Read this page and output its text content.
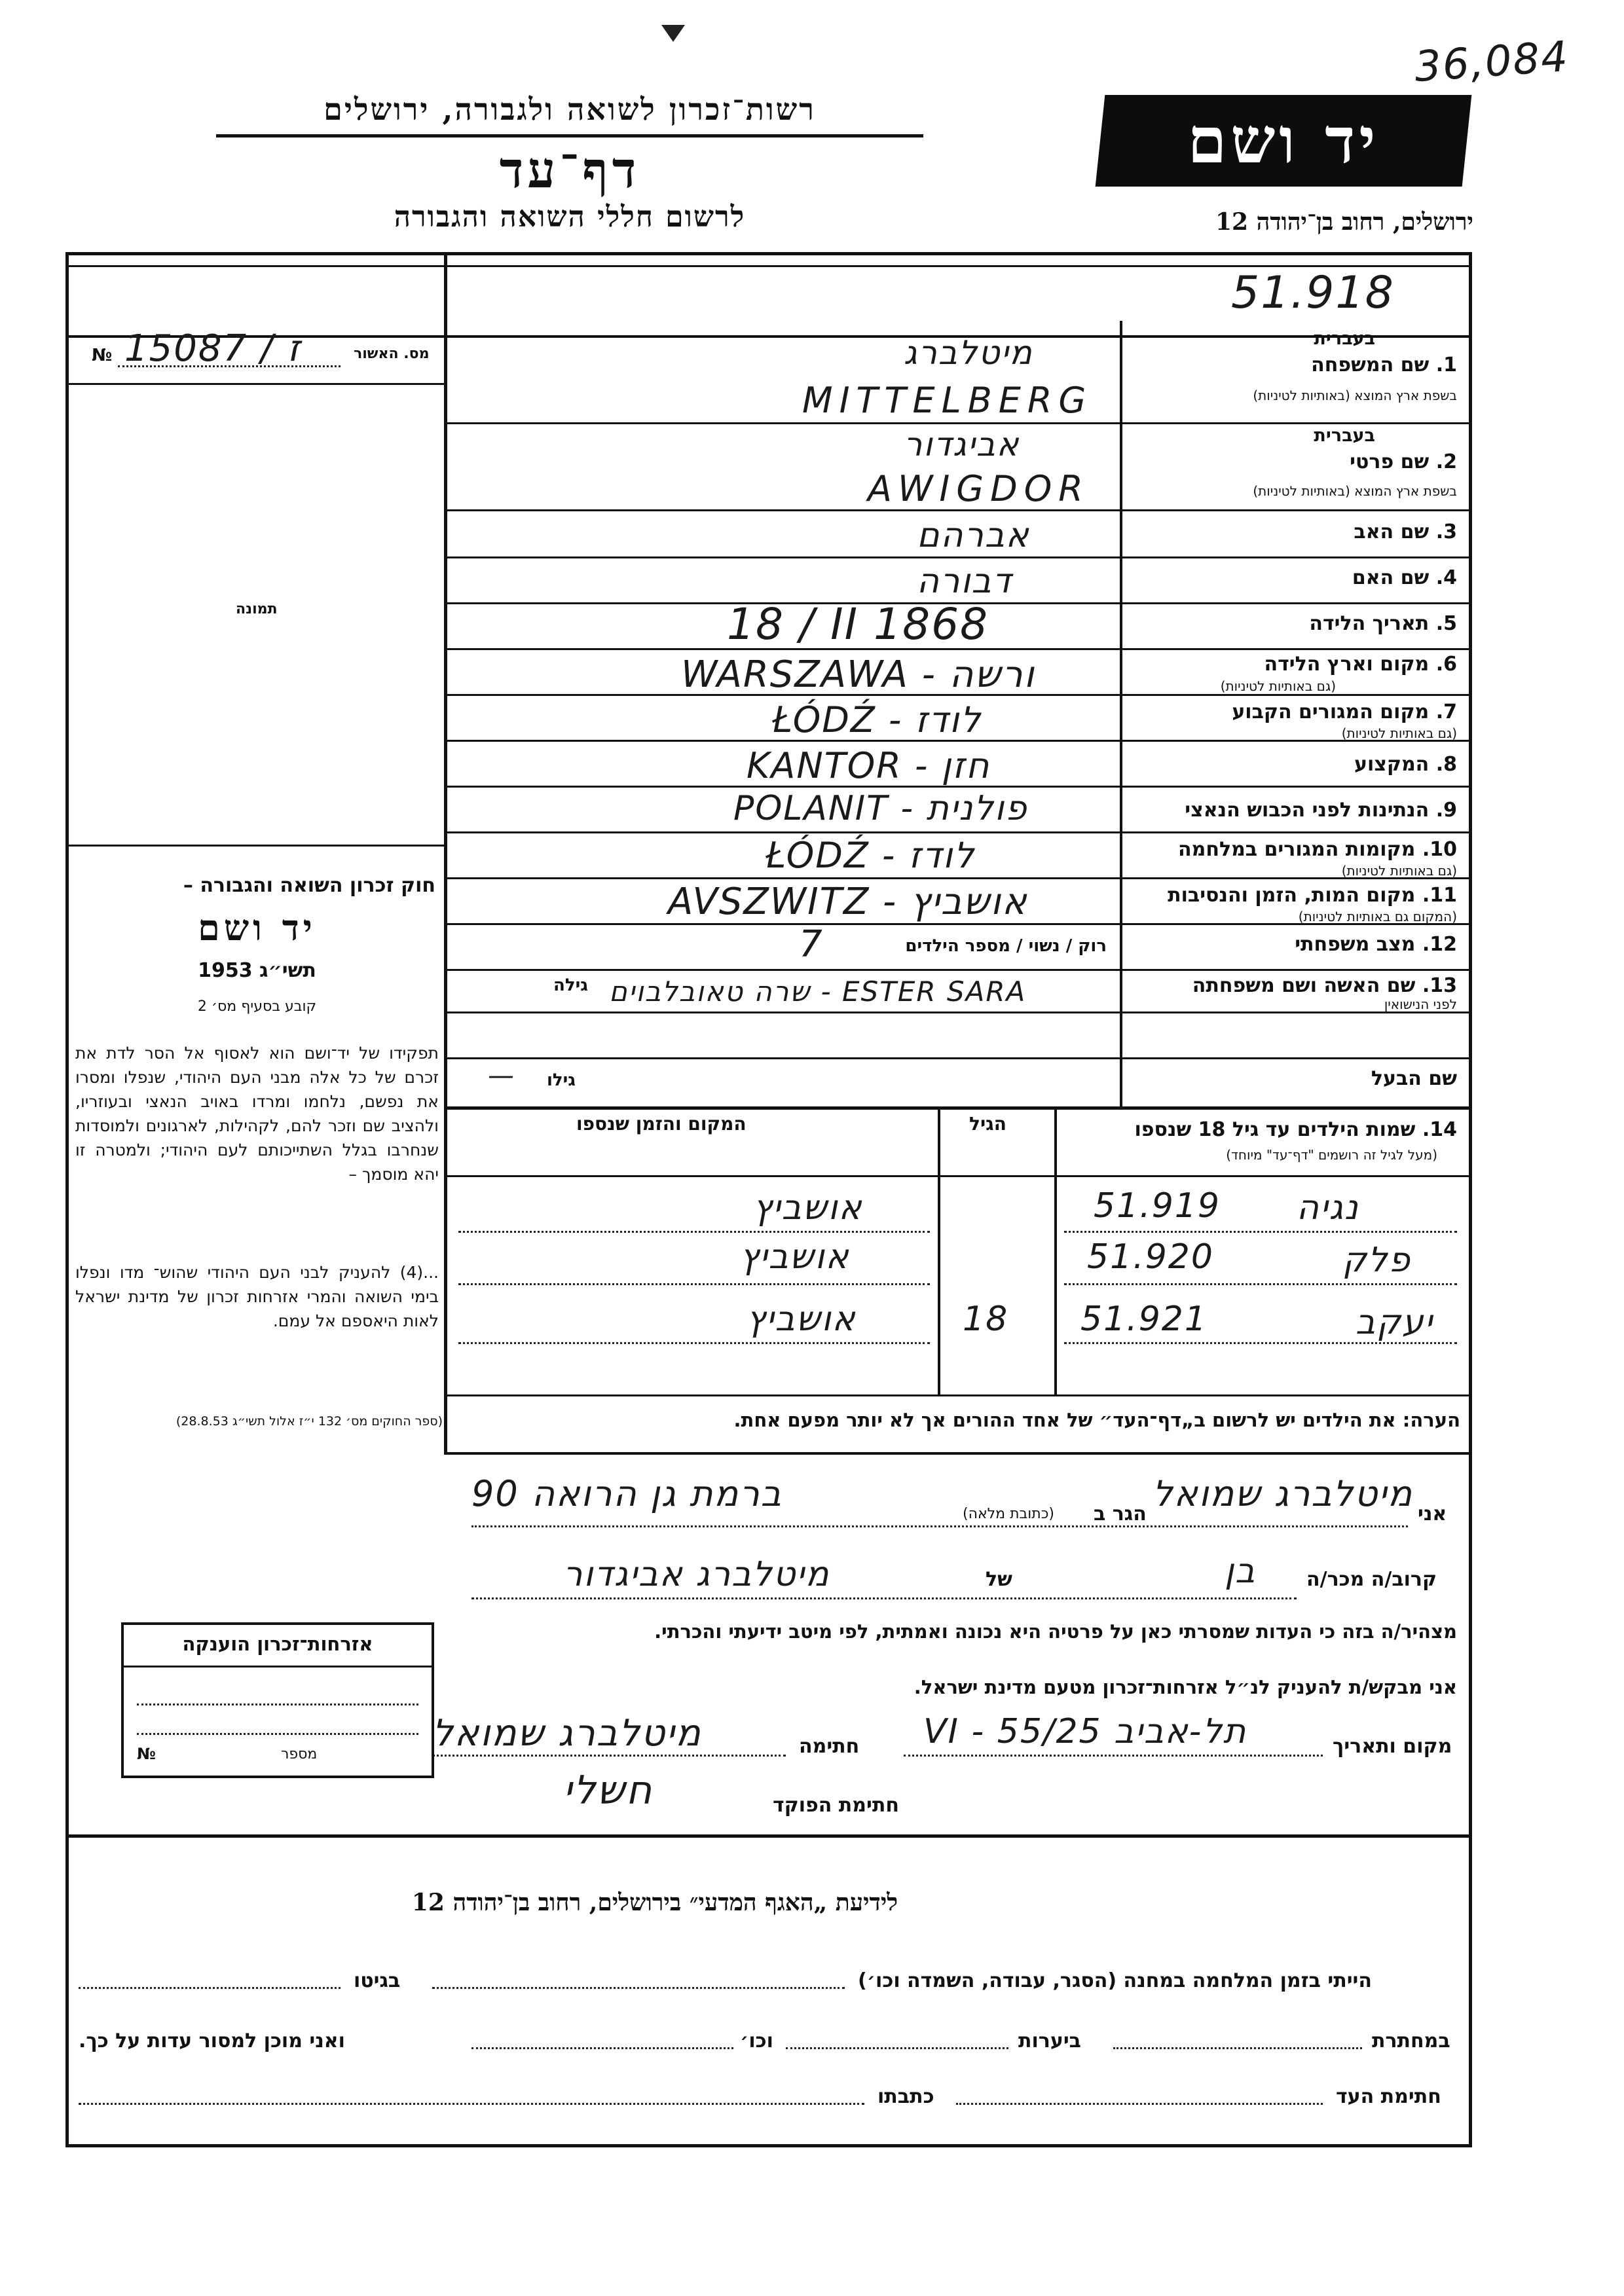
36,084
רשות־זכרון לשואה ולגבורה, ירושלים
דף־עד
לרשום חללי השואה והגבורה
יד ושם
ירושלים, רחוב בן־יהודה 12
51.918
מס. האשור
№ 15087 / ז
תמונה
חוק זכרון השואה והגבורה –
יד ושם
תשי״ג 1953
קובע בסעיף מס׳ 2
תפקידו של יד־ושם הוא לאסוף אל הסר לדת את זכרם של כל אלה מבני העם היהודי, שנפלו ומסרו את נפשם, נלחמו ומרדו באויב הנאצי ובעוזריו, ולהציב שם וזכר להם, לקהילות, לארגונים ולמוסדות שנחרבו בגלל השתייכותם לעם היהודי; ולמטרה זו יהא מוסמך –
...(4) להעניק לבני העם היהודי שהוש־ מדו ונפלו בימי השואה והמרי אזרחות זכרון של מדינת ישראל לאות היאספם אל עמם.
(ספר החוקים מס׳ 132 י״ז אלול תשי״ג 28.8.53)
בעברית
1. שם המשפחה
בשפת ארץ המוצא (באותיות לטיניות)
מיטלברג
MITTELBERG
בעברית
2. שם פרטי
בשפת ארץ המוצא (באותיות לטיניות)
אביגדור
AWIGDOR
3. שם האב
אברהם
4. שם האם
דבורה
5. תאריך הלידה
18 / II 1868
6. מקום וארץ הלידה
(גם באותיות לטיניות)
WARSZAWA - ורשה
7. מקום המגורים הקבוע
(גם באותיות לטיניות)
ŁÓDŹ - לודז
8. המקצוע
KANTOR - חזן
9. הנתינות לפני הכבוש הנאצי
POLANIT - פולנית
10. מקומות המגורים במלחמה
(גם באותיות לטיניות)
ŁÓDŹ - לודז
11. מקום המות, הזמן והנסיבות
(המקום גם באותיות לטיניות)
AVSZWITZ - אושביץ
12. מצב משפחתי
רוק / נשוי / מספר הילדים
7
13. שם האשה ושם משפחתה
לפני הנישואין
גילה שרה טאובלבוים - ESTER SARA
שם הבעל
גילו
—
14. שמות הילדים עד גיל 18 שנספו
(מעל לגיל זה רושמים "דף־עד" מיוחד)
הגיל
המקום והזמן שנספו
נגיה
51.919
אושביץ
פלק
51.920
אושביץ
יעקב
51.921
18
אושביץ
הערה: את הילדים יש לרשום ב„דף־העד״ של אחד ההורים אך לא יותר מפעם אחת.
אני
מיטלברג שמואל
הגר ב
(כתובת מלאה)
ברמת גן הרואה 90
קרוב/ה מכר/ה
בן
של
מיטלברג אביגדור
מצהיר/ה בזה כי העדות שמסרתי כאן על פרטיה היא נכונה ואמתית, לפי מיטב ידיעתי והכרתי.
אני מבקש/ת להעניק לנ״ל אזרחות־זכרון מטעם מדינת ישראל.
מקום ותאריך
תל-אביב 25/VI - 55
חתימה
מיטלברג שמואל
חתימת הפוקד
חשלי
אזרחות־זכרון הוענקה
מספר
№
לידיעת „האגף המדעי״ בירושלים, רחוב בן־יהודה 12
הייתי בזמן המלחמה במחנה (הסגר, עבודה, השמדה וכו׳)
בגיטו
במחתרת
ביערות
וכו׳
ואני מוכן למסור עדות על כך.
חתימת העד
כתבתו
